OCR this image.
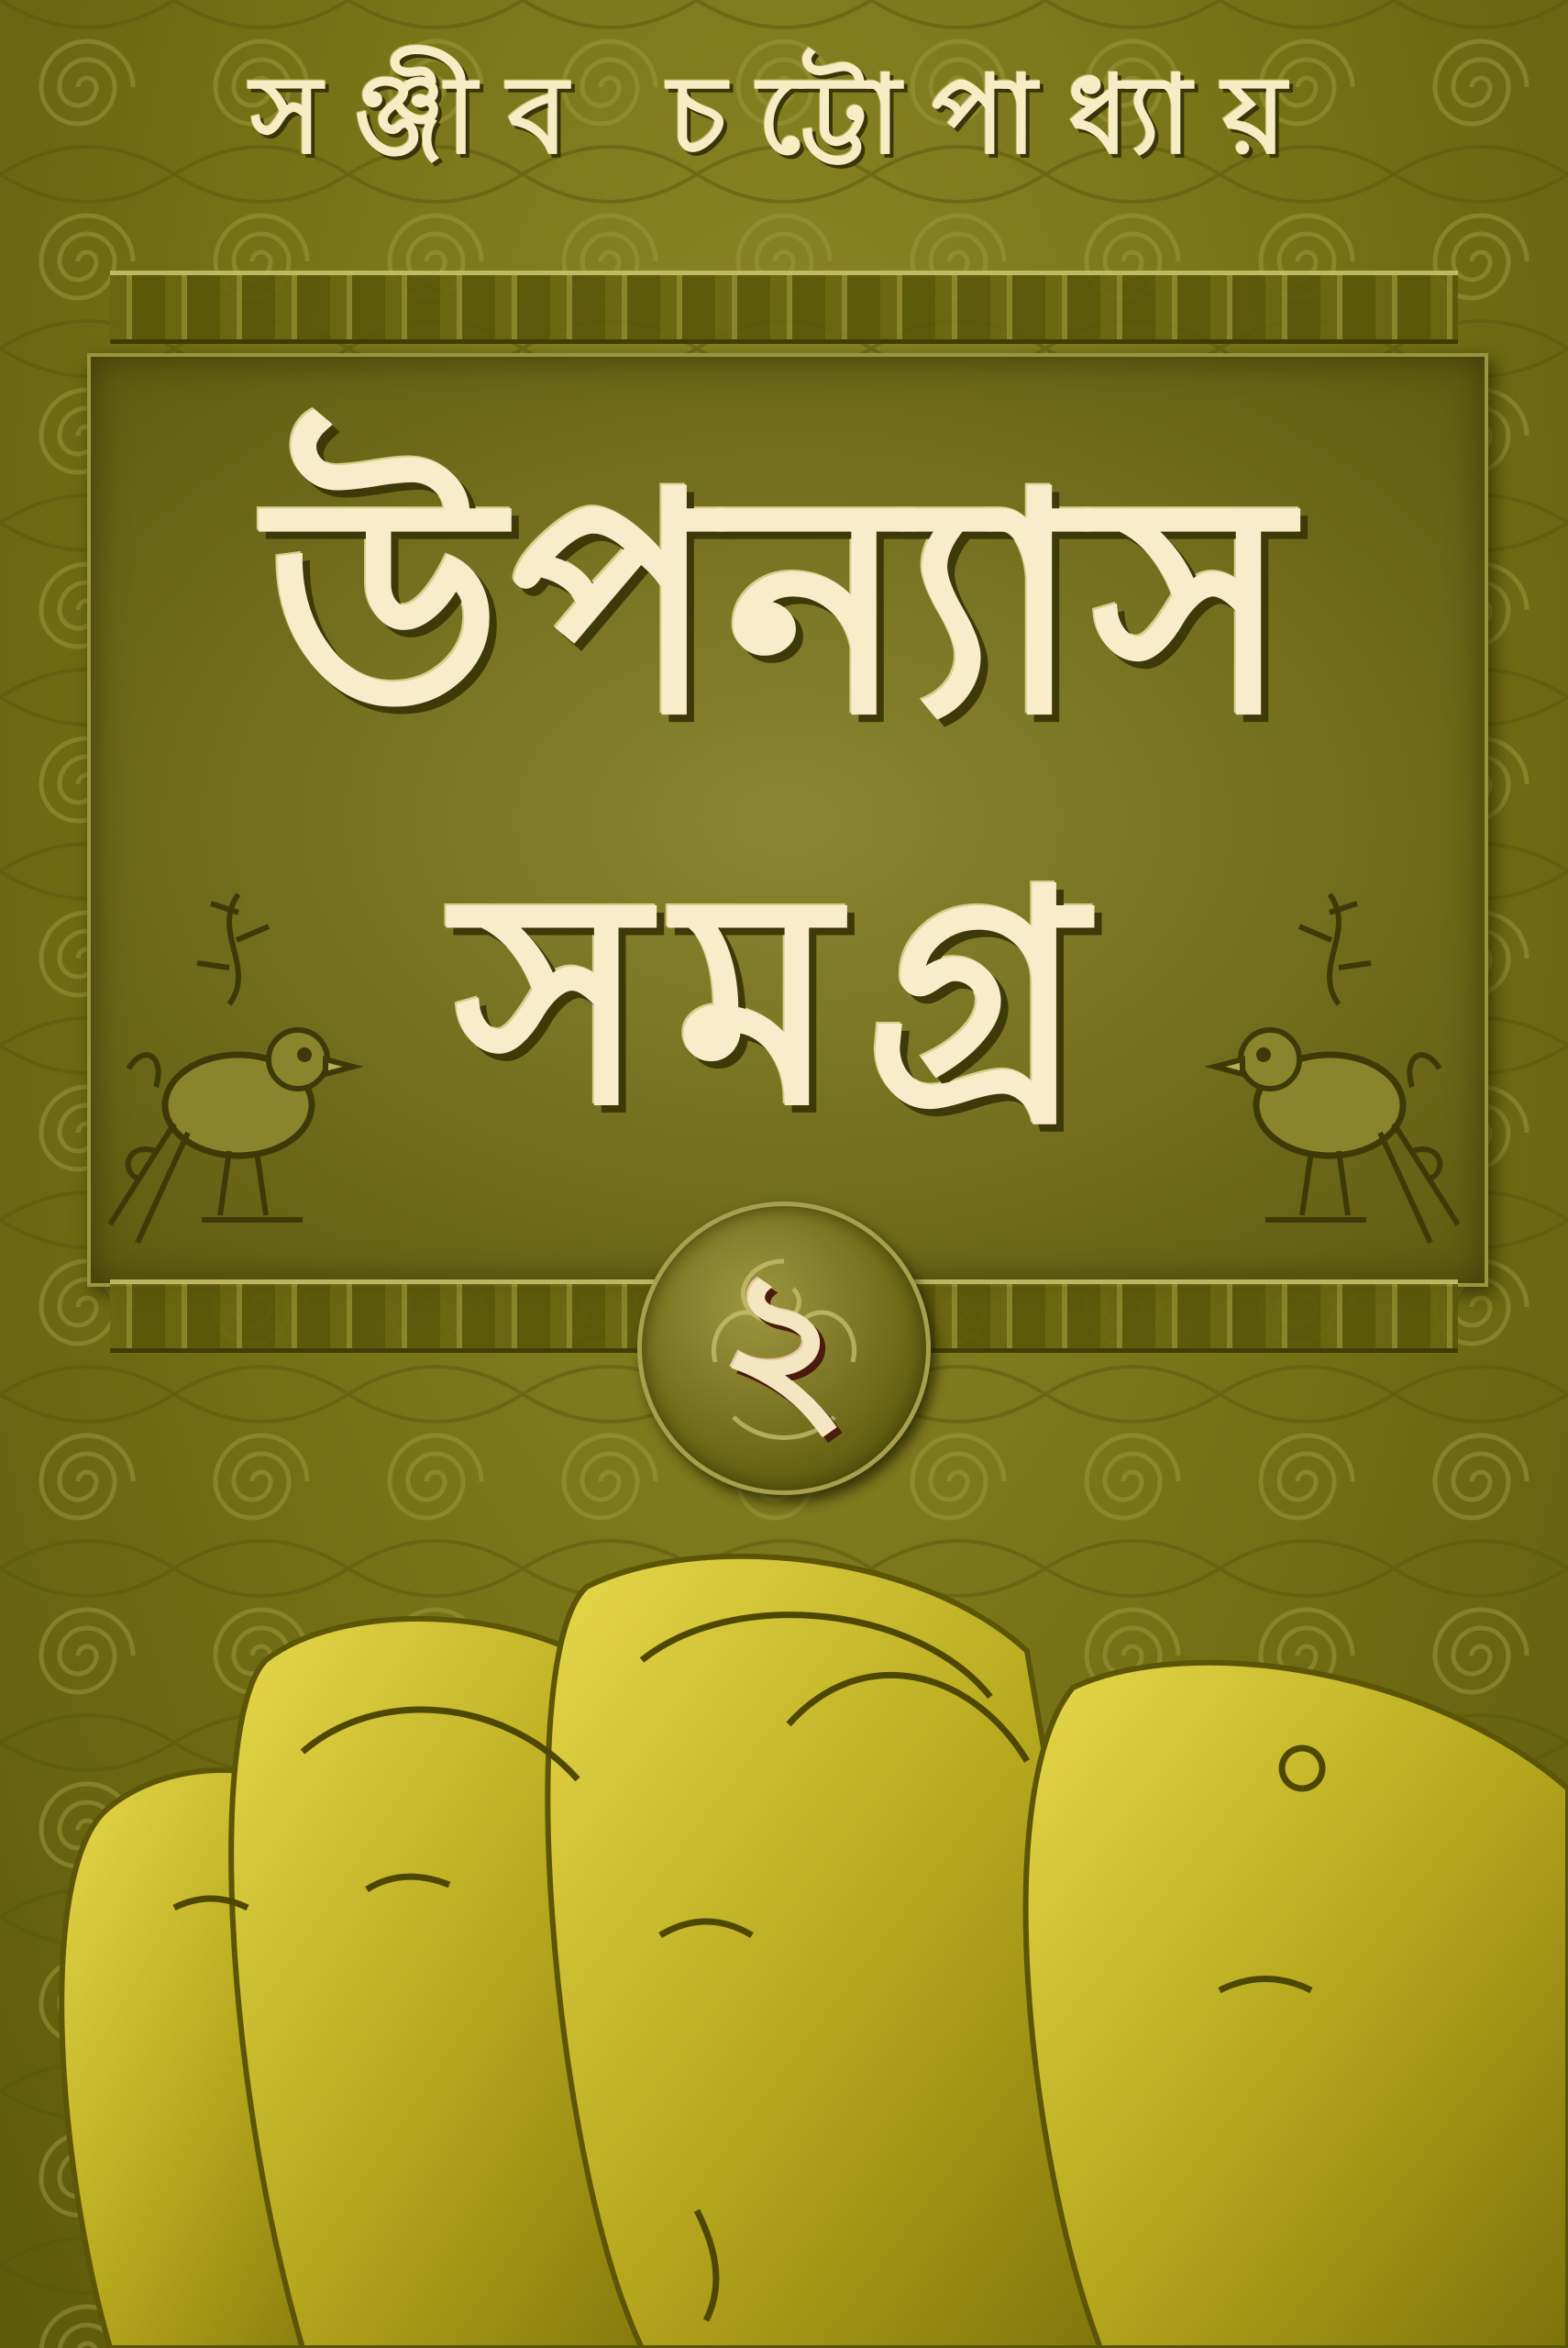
সঞ্জীব চট্টোপাধ্যায়
উপন্যাস
সমগ্র
২
